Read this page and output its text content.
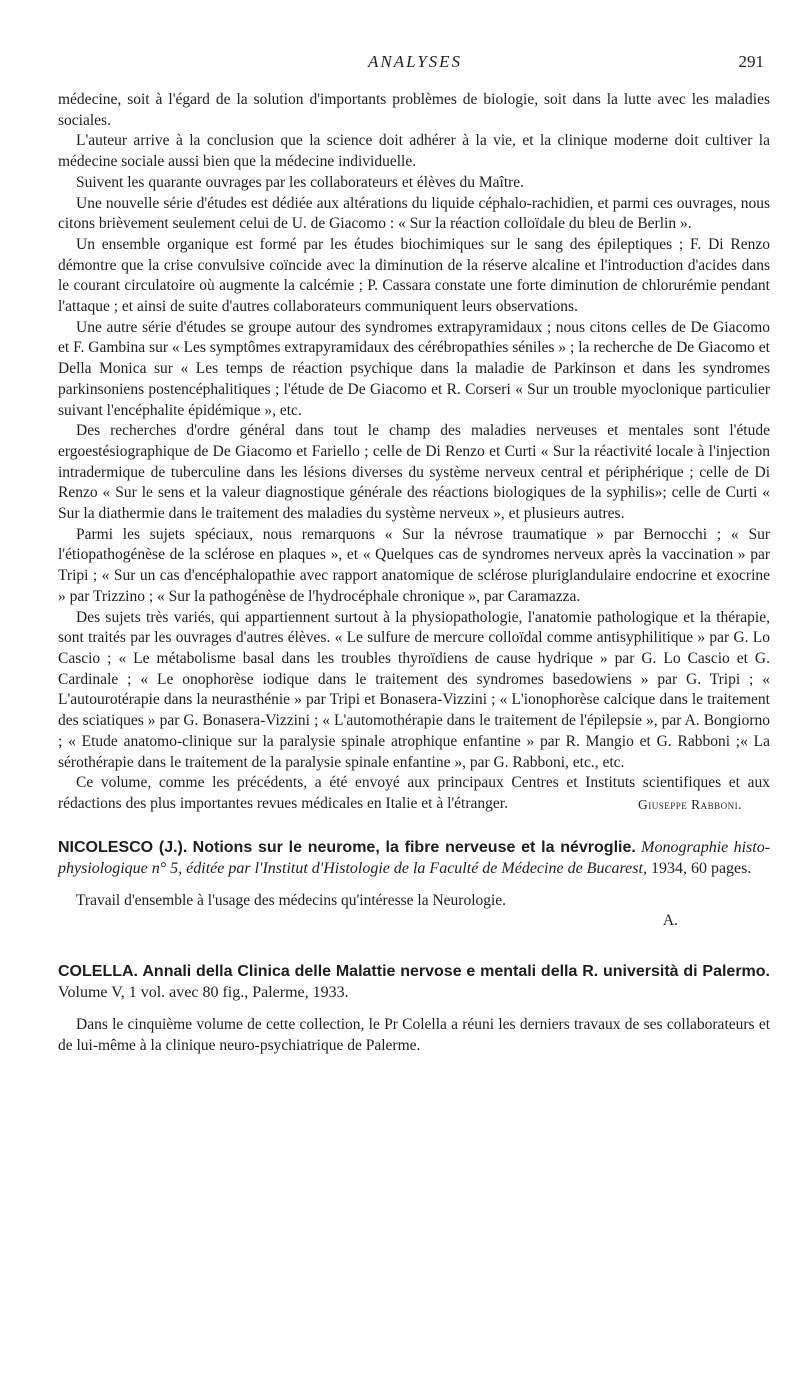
ANALYSES	291

médecine, soit à l'égard de la solution d'importants problèmes de biologie, soit dans la lutte avec les maladies sociales.

L'auteur arrive à la conclusion que la science doit adhérer à la vie, et la clinique moderne doit cultiver la médecine sociale aussi bien que la médecine individuelle.

Suivent les quarante ouvrages par les collaborateurs et élèves du Maître.

Une nouvelle série d'études est dédiée aux altérations du liquide céphalo-rachidien, et parmi ces ouvrages, nous citons brièvement seulement celui de U. de Giacomo : « Sur la réaction colloïdale du bleu de Berlin ».

Un ensemble organique est formé par les études biochimiques sur le sang des épileptiques ; F. Di Renzo démontre que la crise convulsive coïncide avec la diminution de la réserve alcaline et l'introduction d'acides dans le courant circulatoire où augmente la calcémie ; P. Cassara constate une forte diminution de chlorurémie pendant l'attaque ; et ainsi de suite d'autres collaborateurs communiquent leurs observations.

Une autre série d'études se groupe autour des syndromes extrapyramidaux ; nous citons celles de De Giacomo et F. Gambina sur « Les symptômes extrapyramidaux des cérébropathies séniles » ; la recherche de De Giacomo et Della Monica sur « Les temps de réaction psychique dans la maladie de Parkinson et dans les syndromes parkinsoniens postencéphalitiques ; l'étude de De Giacomo et R. Corseri « Sur un trouble myoclonique particulier suivant l'encéphalite épidémique », etc.

Des recherches d'ordre général dans tout le champ des maladies nerveuses et mentales sont l'étude ergoestésiographique de De Giacomo et Fariello ; celle de Di Renzo et Curti « Sur la réactivité locale à l'injection intradermique de tuberculine dans les lésions diverses du système nerveux central et périphérique ; celle de Di Renzo « Sur le sens et la valeur diagnostique générale des réactions biologiques de la syphilis»; celle de Curti « Sur la diathermie dans le traitement des maladies du système nerveux », et plusieurs autres.

Parmi les sujets spéciaux, nous remarquons « Sur la névrose traumatique » par Bernocchi ; « Sur l'étiopathogénèse de la sclérose en plaques », et « Quelques cas de syndromes nerveux après la vaccination » par Tripi ; « Sur un cas d'encéphalopathie avec rapport anatomique de sclérose pluriglandulaire endocrine et exocrine » par Trizzino ; « Sur la pathogénèse de l'hydrocéphale chronique », par Caramazza.

Des sujets très variés, qui appartiennent surtout à la physiopathologie, l'anatomie pathologique et la thérapie, sont traités par les ouvrages d'autres élèves. « Le sulfure de mercure colloïdal comme antisyphilitique » par G. Lo Cascio ; « Le métabolisme basal dans les troubles thyroïdiens de cause hydrique » par G. Lo Cascio et G. Cardinale ; « Le onophorèse iodique dans le traitement des syndromes basedowiens » par G. Tripi ; « L'autourotérapie dans la neurasthénie » par Tripi et Bonasera-Vizzini ; « L'ionophorèse calcique dans le traitement des sciatiques » par G. Bonasera-Vizzini ; « L'automothérapie dans le traitement de l'épilepsie », par A. Bongiorno ; « Etude anatomo-clinique sur la paralysie spinale atrophique enfantine » par R. Mangio et G. Rabboni ;« La sérothérapie dans le traitement de la paralysie spinale enfantine », par G. Rabboni, etc., etc.

Ce volume, comme les précédents, a été envoyé aux principaux Centres et Instituts scientifiques et aux rédactions des plus importantes revues médicales en Italie et à l'étranger.	Giuseppe Rabboni.

NICOLESCO (J.). Notions sur le neurome, la fibre nerveuse et la névroglie. Monographie histo-physiologique n° 5, éditée par l'Institut d'Histologie de la Faculté de Médecine de Bucarest, 1934, 60 pages.

Travail d'ensemble à l'usage des médecins qu'intéresse la Neurologie.

A.

COLELLA. Annali della Clinica delle Malattie nervose e mentali della R. università di Palermo. Volume V, 1 vol. avec 80 fig., Palerme, 1933.

Dans le cinquième volume de cette collection, le Pr Colella a réuni les derniers travaux de ses collaborateurs et de lui-même à la clinique neuro-psychiatrique de Palerme.
